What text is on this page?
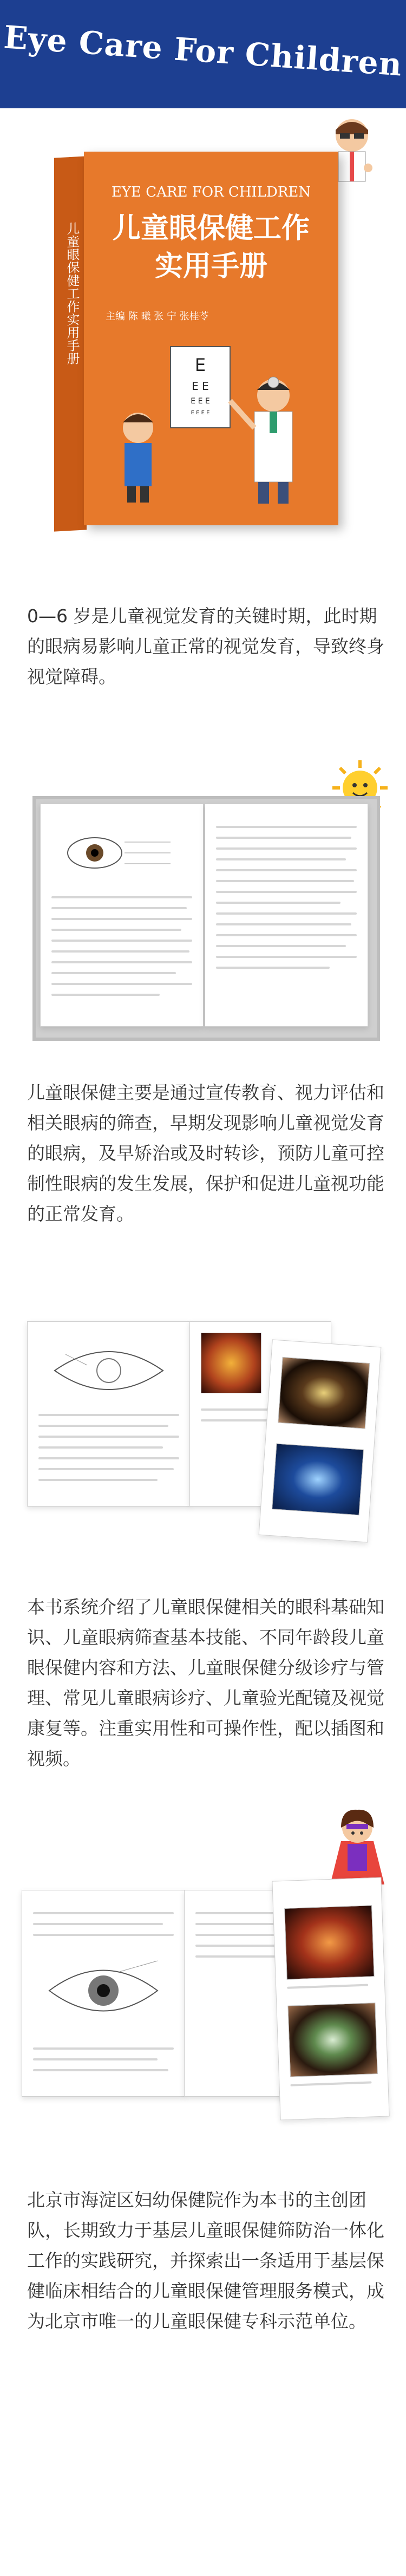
Eye Care For Children
儿童眼保健工作实用手册
EYE CARE FOR CHILDREN
儿童眼保健工作
实用手册
主编 陈 曦 张 宁 张桂苓
E
E E
E E E
E E E E
0—6 岁是儿童视觉发育的关键时期，此时期的眼病易影响儿童正常的视觉发育，导致终身视觉障碍。
儿童眼保健主要是通过宣传教育、视力评估和相关眼病的筛查，早期发现影响儿童视觉发育的眼病，及早矫治或及时转诊，预防儿童可控制性眼病的发生发展，保护和促进儿童视功能的正常发育。
本书系统介绍了儿童眼保健相关的眼科基础知识、儿童眼病筛查基本技能、不同年龄段儿童眼保健内容和方法、儿童眼保健分级诊疗与管理、常见儿童眼病诊疗、儿童验光配镜及视觉康复等。注重实用性和可操作性，配以插图和视频。
北京市海淀区妇幼保健院作为本书的主创团队，长期致力于基层儿童眼保健筛防治一体化工作的实践研究，并探索出一条适用于基层保健临床相结合的儿童眼保健管理服务模式，成为北京市唯一的儿童眼保健专科示范单位。
